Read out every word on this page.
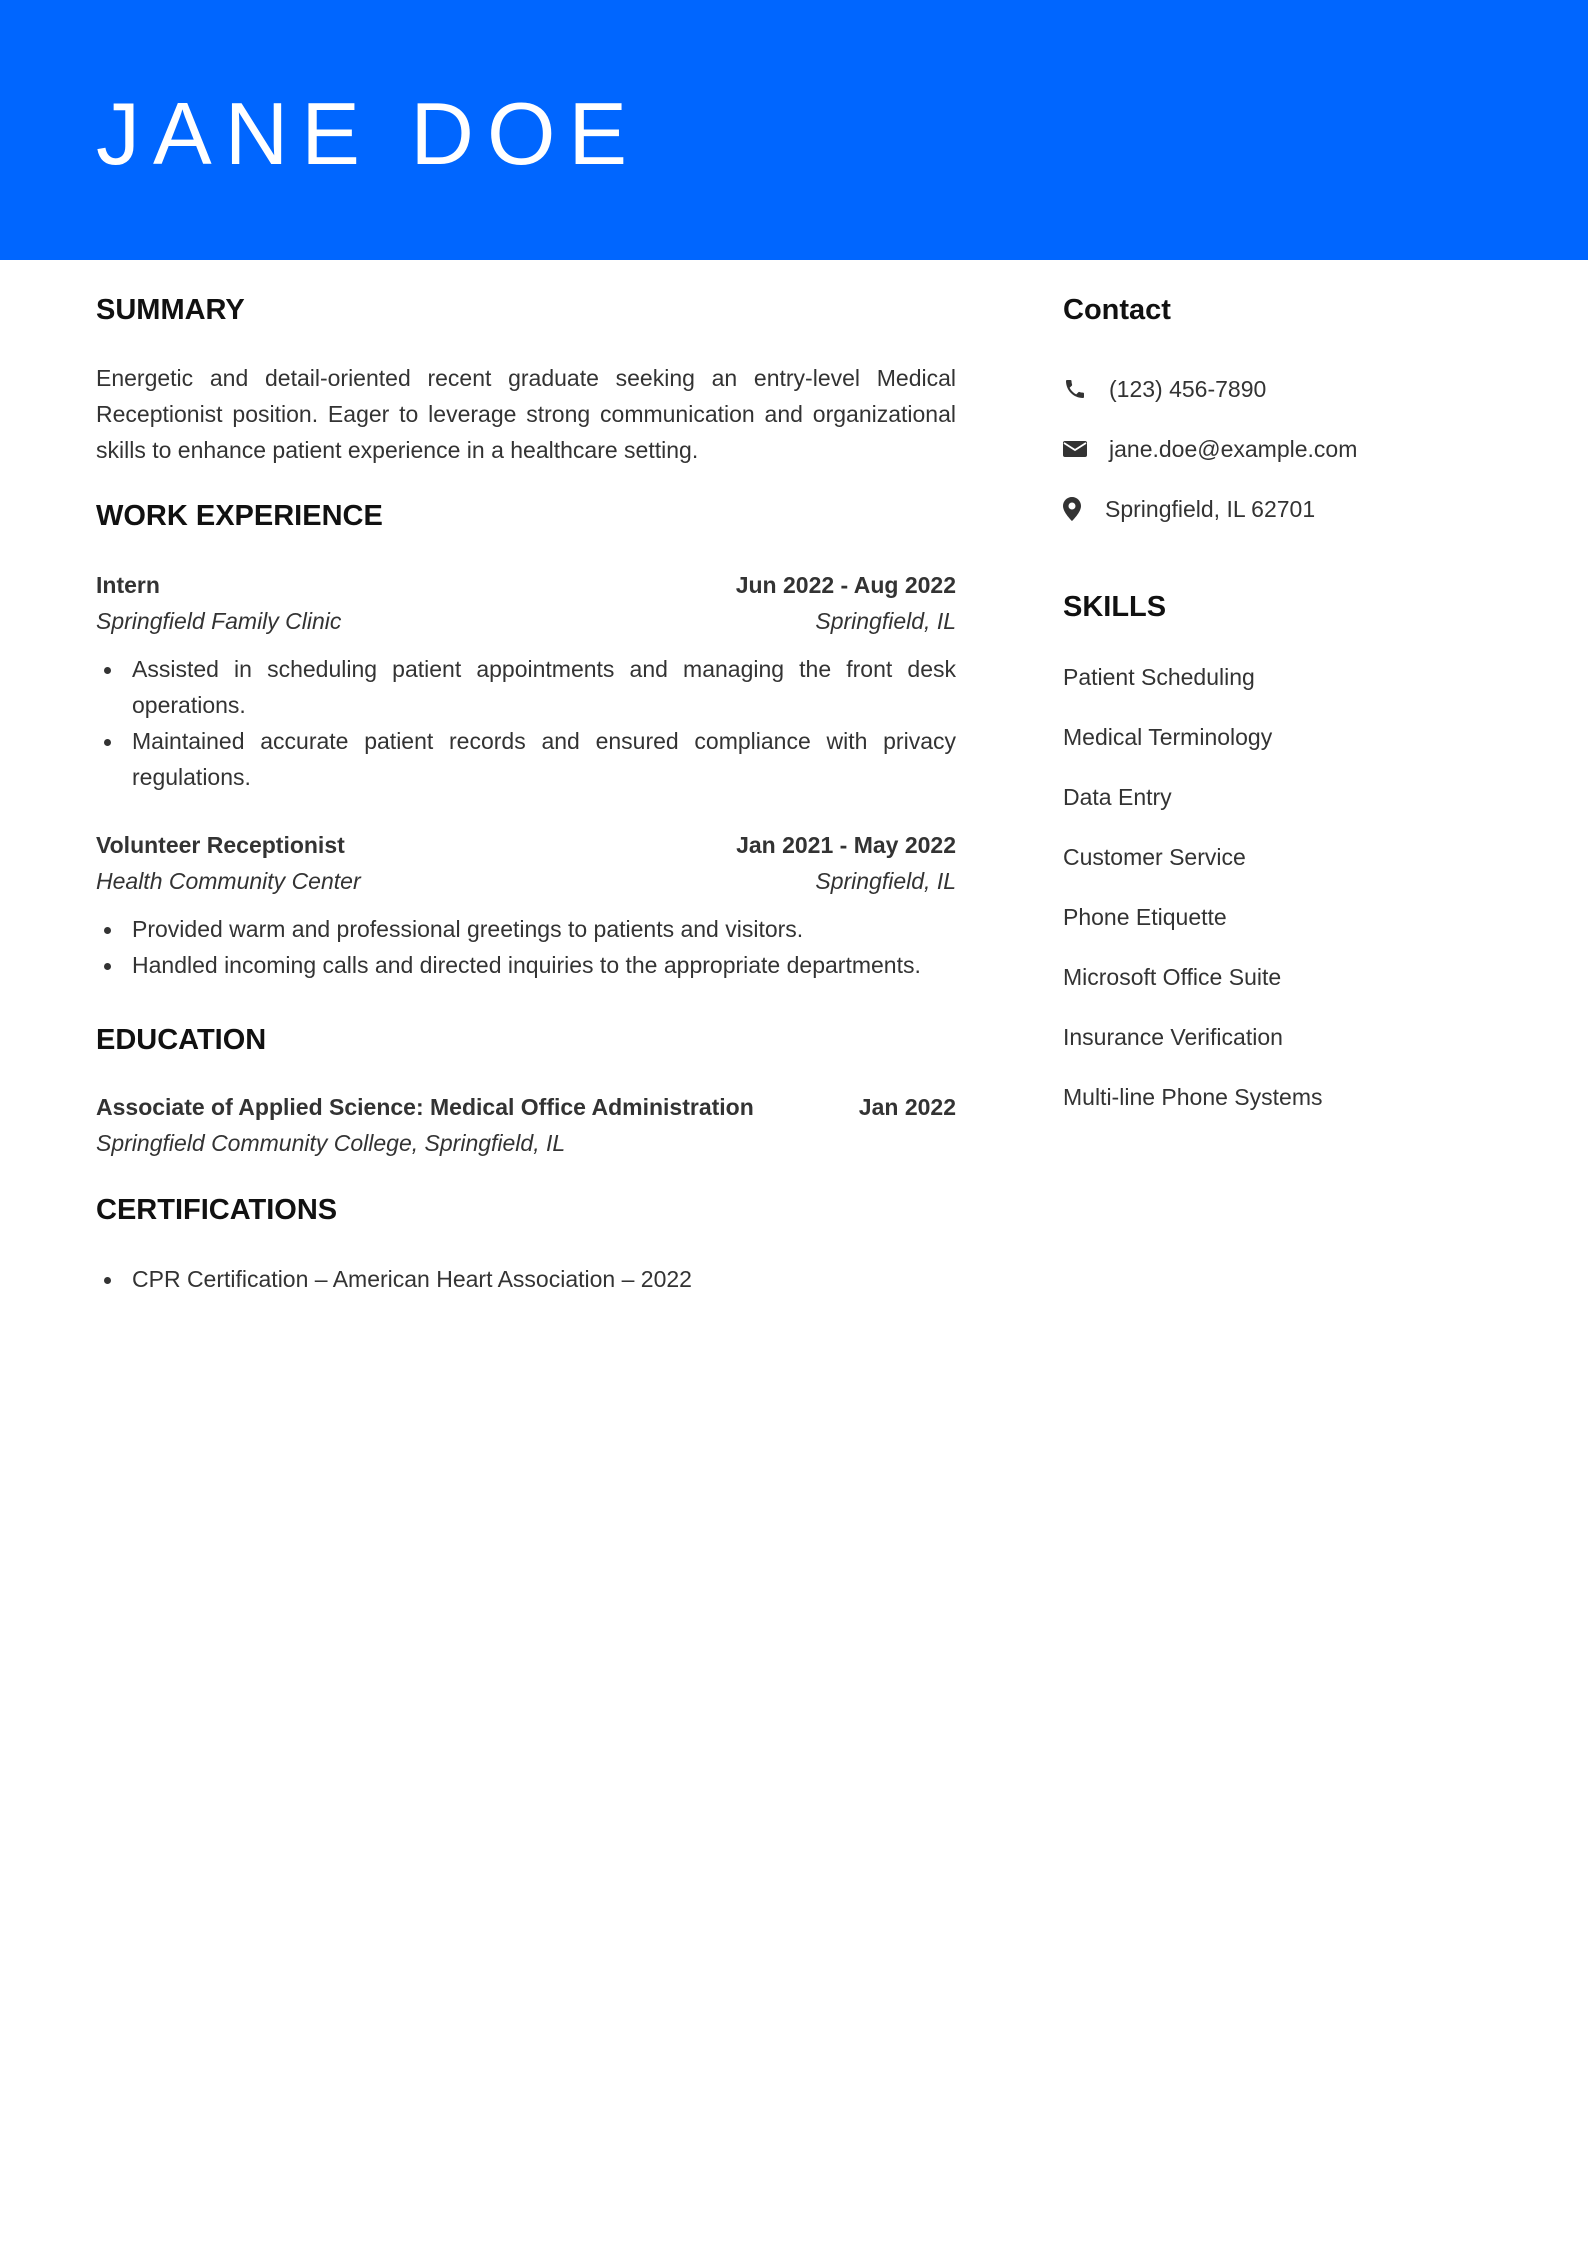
JANE DOE
SUMMARY

Energetic and detail-oriented recent graduate seeking an entry-level Medical Receptionist position. Eager to leverage strong communication and organizational skills to enhance patient experience in a healthcare setting.

WORK EXPERIENCE
Intern	Jun 2022 - Aug 2022
Springfield Family Clinic	Springfield, IL
Assisted in scheduling patient appointments and managing the front desk operations.
Maintained accurate patient records and ensured compliance with privacy regulations.
Volunteer Receptionist	Jan 2021 - May 2022
Health Community Center	Springfield, IL
Provided warm and professional greetings to patients and visitors.
Handled incoming calls and directed inquiries to the appropriate departments.
EDUCATION
Associate of Applied Science: Medical Office Administration	Jan 2022
Springfield Community College, Springfield, IL
CERTIFICATIONS
CPR Certification – American Heart Association – 2022
Contact
(123) 456-7890
jane.doe@example.com
Springfield, IL 62701
SKILLS
Patient Scheduling
Medical Terminology
Data Entry
Customer Service
Phone Etiquette
Microsoft Office Suite
Insurance Verification
Multi-line Phone Systems
